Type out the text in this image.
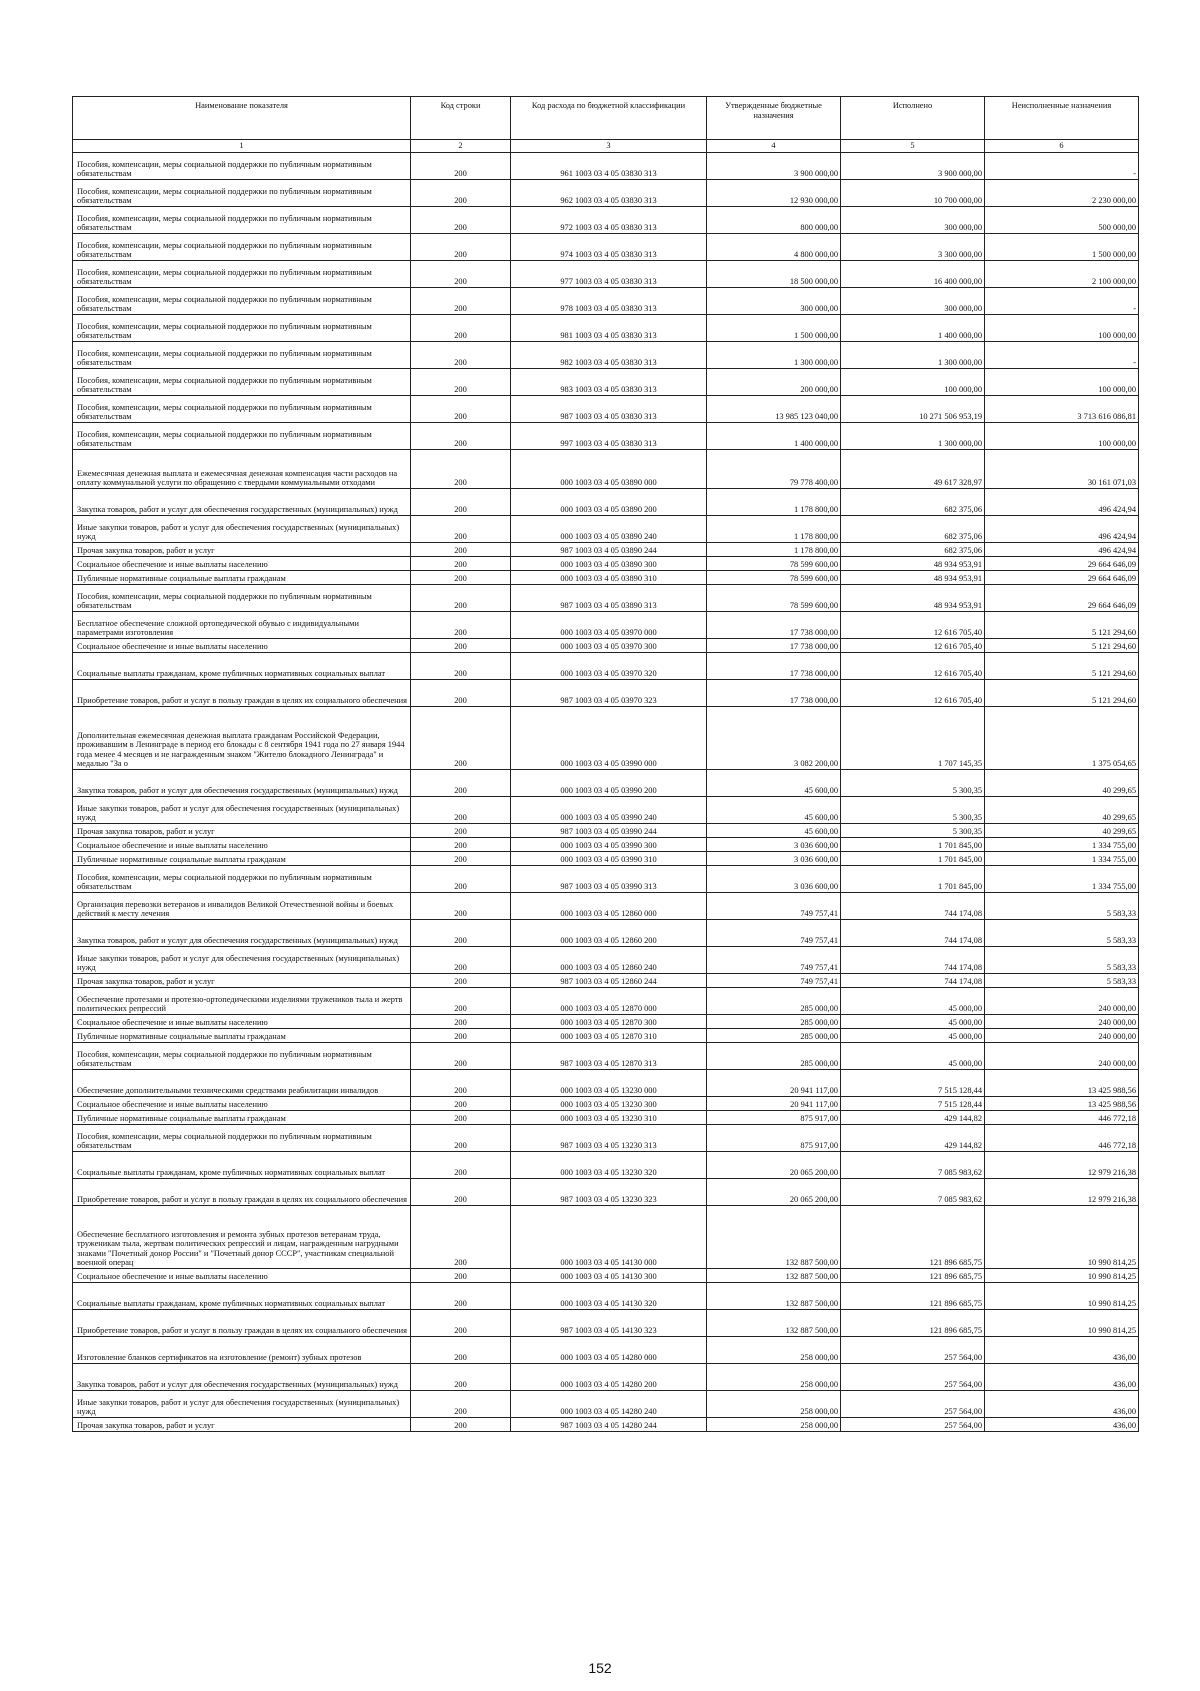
Наименование показателя	Код строки	Код расхода по бюджетной классификации	Утвержденные бюджетные назначения	Исполнено	Неисполненные назначения
1	2	3	4	5	6
Пособия, компенсации, меры социальной поддержки по публичным нормативным обязательствам	200	961 1003 03 4 05 03830 313	3 900 000,00	3 900 000,00	-
Пособия, компенсации, меры социальной поддержки по публичным нормативным обязательствам	200	962 1003 03 4 05 03830 313	12 930 000,00	10 700 000,00	2 230 000,00
Пособия, компенсации, меры социальной поддержки по публичным нормативным обязательствам	200	972 1003 03 4 05 03830 313	800 000,00	300 000,00	500 000,00
Пособия, компенсации, меры социальной поддержки по публичным нормативным обязательствам	200	974 1003 03 4 05 03830 313	4 800 000,00	3 300 000,00	1 500 000,00
Пособия, компенсации, меры социальной поддержки по публичным нормативным обязательствам	200	977 1003 03 4 05 03830 313	18 500 000,00	16 400 000,00	2 100 000,00
Пособия, компенсации, меры социальной поддержки по публичным нормативным обязательствам	200	978 1003 03 4 05 03830 313	300 000,00	300 000,00	-
Пособия, компенсации, меры социальной поддержки по публичным нормативным обязательствам	200	981 1003 03 4 05 03830 313	1 500 000,00	1 400 000,00	100 000,00
Пособия, компенсации, меры социальной поддержки по публичным нормативным обязательствам	200	982 1003 03 4 05 03830 313	1 300 000,00	1 300 000,00	-
Пособия, компенсации, меры социальной поддержки по публичным нормативным обязательствам	200	983 1003 03 4 05 03830 313	200 000,00	100 000,00	100 000,00
Пособия, компенсации, меры социальной поддержки по публичным нормативным обязательствам	200	987 1003 03 4 05 03830 313	13 985 123 040,00	10 271 506 953,19	3 713 616 086,81
Пособия, компенсации, меры социальной поддержки по публичным нормативным обязательствам	200	997 1003 03 4 05 03830 313	1 400 000,00	1 300 000,00	100 000,00
Ежемесячная денежная выплата и ежемесячная денежная компенсация части расходов на оплату коммунальной услуги по обращению с твердыми коммунальными отходами	200	000 1003 03 4 05 03890 000	79 778 400,00	49 617 328,97	30 161 071,03
Закупка товаров, работ и услуг для обеспечения государственных (муниципальных) нужд	200	000 1003 03 4 05 03890 200	1 178 800,00	682 375,06	496 424,94
Иные закупки товаров, работ и услуг для обеспечения государственных (муниципальных) нужд	200	000 1003 03 4 05 03890 240	1 178 800,00	682 375,06	496 424,94
Прочая закупка товаров, работ и услуг	200	987 1003 03 4 05 03890 244	1 178 800,00	682 375,06	496 424,94
Социальное обеспечение и иные выплаты населению	200	000 1003 03 4 05 03890 300	78 599 600,00	48 934 953,91	29 664 646,09
Публичные нормативные социальные выплаты гражданам	200	000 1003 03 4 05 03890 310	78 599 600,00	48 934 953,91	29 664 646,09
Пособия, компенсации, меры социальной поддержки по публичным нормативным обязательствам	200	987 1003 03 4 05 03890 313	78 599 600,00	48 934 953,91	29 664 646,09
Бесплатное обеспечение сложной ортопедической обувью с индивидуальными параметрами изготовления	200	000 1003 03 4 05 03970 000	17 738 000,00	12 616 705,40	5 121 294,60
Социальное обеспечение и иные выплаты населению	200	000 1003 03 4 05 03970 300	17 738 000,00	12 616 705,40	5 121 294,60
Социальные выплаты гражданам, кроме публичных нормативных социальных выплат	200	000 1003 03 4 05 03970 320	17 738 000,00	12 616 705,40	5 121 294,60
Приобретение товаров, работ и услуг в пользу граждан в целях их социального обеспечения	200	987 1003 03 4 05 03970 323	17 738 000,00	12 616 705,40	5 121 294,60
Дополнительная ежемесячная денежная выплата гражданам Российской Федерации, проживавшим в Ленинграде в период его блокады с 8 сентября 1941 года по 27 января 1944 года менее 4 месяцев и не награжденным знаком "Жителю блокадного Ленинграда" и медалью "За о	200	000 1003 03 4 05 03990 000	3 082 200,00	1 707 145,35	1 375 054,65
Закупка товаров, работ и услуг для обеспечения государственных (муниципальных) нужд	200	000 1003 03 4 05 03990 200	45 600,00	5 300,35	40 299,65
Иные закупки товаров, работ и услуг для обеспечения государственных (муниципальных) нужд	200	000 1003 03 4 05 03990 240	45 600,00	5 300,35	40 299,65
Прочая закупка товаров, работ и услуг	200	987 1003 03 4 05 03990 244	45 600,00	5 300,35	40 299,65
Социальное обеспечение и иные выплаты населению	200	000 1003 03 4 05 03990 300	3 036 600,00	1 701 845,00	1 334 755,00
Публичные нормативные социальные выплаты гражданам	200	000 1003 03 4 05 03990 310	3 036 600,00	1 701 845,00	1 334 755,00
Пособия, компенсации, меры социальной поддержки по публичным нормативным обязательствам	200	987 1003 03 4 05 03990 313	3 036 600,00	1 701 845,00	1 334 755,00
Организация перевозки ветеранов и инвалидов Великой Отечественной войны и боевых действий к месту лечения	200	000 1003 03 4 05 12860 000	749 757,41	744 174,08	5 583,33
Закупка товаров, работ и услуг для обеспечения государственных (муниципальных) нужд	200	000 1003 03 4 05 12860 200	749 757,41	744 174,08	5 583,33
Иные закупки товаров, работ и услуг для обеспечения государственных (муниципальных) нужд	200	000 1003 03 4 05 12860 240	749 757,41	744 174,08	5 583,33
Прочая закупка товаров, работ и услуг	200	987 1003 03 4 05 12860 244	749 757,41	744 174,08	5 583,33
Обеспечение протезами и протезно-ортопедическими изделиями тружеников тыла и жертв политических репрессий	200	000 1003 03 4 05 12870 000	285 000,00	45 000,00	240 000,00
Социальное обеспечение и иные выплаты населению	200	000 1003 03 4 05 12870 300	285 000,00	45 000,00	240 000,00
Публичные нормативные социальные выплаты гражданам	200	000 1003 03 4 05 12870 310	285 000,00	45 000,00	240 000,00
Пособия, компенсации, меры социальной поддержки по публичным нормативным обязательствам	200	987 1003 03 4 05 12870 313	285 000,00	45 000,00	240 000,00
Обеспечение дополнительными техническими средствами реабилитации инвалидов	200	000 1003 03 4 05 13230 000	20 941 117,00	7 515 128,44	13 425 988,56
Социальное обеспечение и иные выплаты населению	200	000 1003 03 4 05 13230 300	20 941 117,00	7 515 128,44	13 425 988,56
Публичные нормативные социальные выплаты гражданам	200	000 1003 03 4 05 13230 310	875 917,00	429 144,82	446 772,18
Пособия, компенсации, меры социальной поддержки по публичным нормативным обязательствам	200	987 1003 03 4 05 13230 313	875 917,00	429 144,82	446 772,18
Социальные выплаты гражданам, кроме публичных нормативных социальных выплат	200	000 1003 03 4 05 13230 320	20 065 200,00	7 085 983,62	12 979 216,38
Приобретение товаров, работ и услуг в пользу граждан в целях их социального обеспечения	200	987 1003 03 4 05 13230 323	20 065 200,00	7 085 983,62	12 979 216,38
Обеспечение бесплатного изготовления и ремонта зубных протезов ветеранам труда, труженикам тыла, жертвам политических репрессий и лицам, награжденным нагрудными знаками "Почетный донор России" и "Почетный донор СССР", участникам специальной военной операц	200	000 1003 03 4 05 14130 000	132 887 500,00	121 896 685,75	10 990 814,25
Социальное обеспечение и иные выплаты населению	200	000 1003 03 4 05 14130 300	132 887 500,00	121 896 685,75	10 990 814,25
Социальные выплаты гражданам, кроме публичных нормативных социальных выплат	200	000 1003 03 4 05 14130 320	132 887 500,00	121 896 685,75	10 990 814,25
Приобретение товаров, работ и услуг в пользу граждан в целях их социального обеспечения	200	987 1003 03 4 05 14130 323	132 887 500,00	121 896 685,75	10 990 814,25
Изготовление бланков сертификатов на изготовление (ремонт) зубных протезов	200	000 1003 03 4 05 14280 000	258 000,00	257 564,00	436,00
Закупка товаров, работ и услуг для обеспечения государственных (муниципальных) нужд	200	000 1003 03 4 05 14280 200	258 000,00	257 564,00	436,00
Иные закупки товаров, работ и услуг для обеспечения государственных (муниципальных) нужд	200	000 1003 03 4 05 14280 240	258 000,00	257 564,00	436,00
Прочая закупка товаров, работ и услуг	200	987 1003 03 4 05 14280 244	258 000,00	257 564,00	436,00
152
